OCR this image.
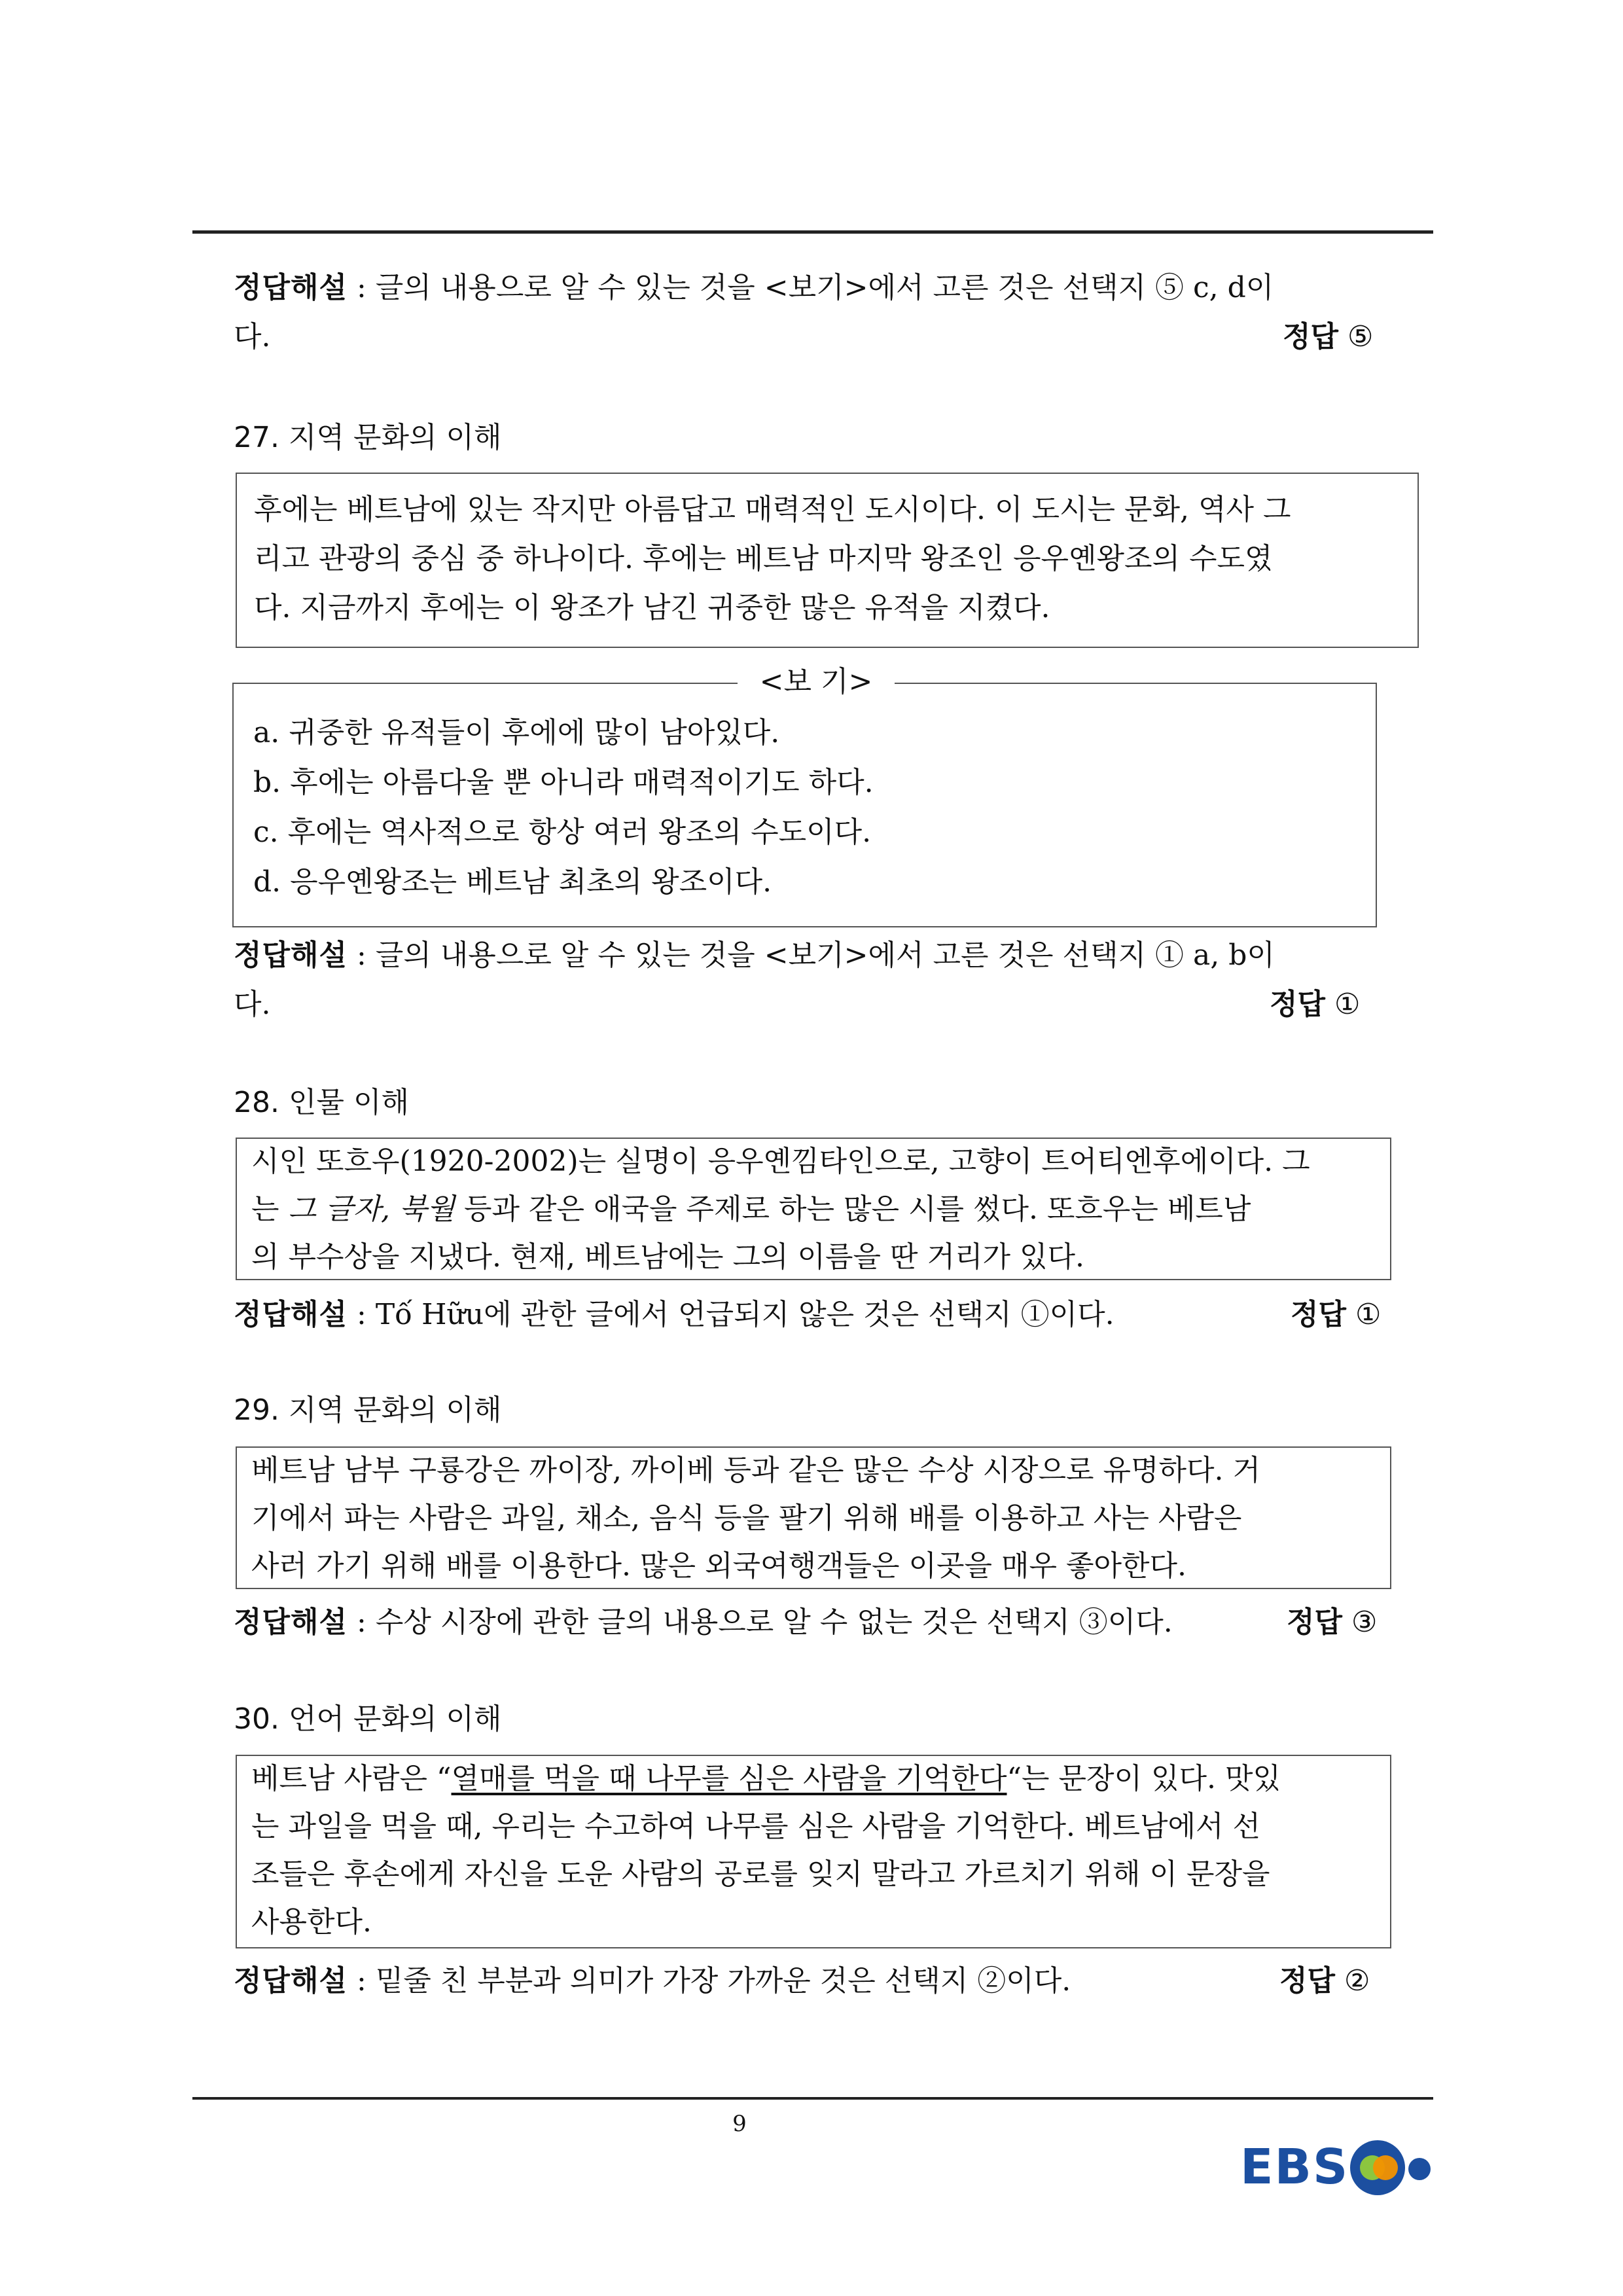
정답해설 : 글의 내용으로 알 수 있는 것을 <보기>에서 고른 것은 선택지 ⑤ c, d이
다.	정답 ⑤
27. 지역 문화의 이해
후에는 베트남에 있는 작지만 아름답고 매력적인 도시이다. 이 도시는 문화, 역사 그
리고 관광의 중심 중 하나이다. 후에는 베트남 마지막 왕조인 응우옌왕조의 수도였
다. 지금까지 후에는 이 왕조가 남긴 귀중한 많은 유적을 지켰다.
<보 기>
a. 귀중한 유적들이 후에에 많이 남아있다.
b. 후에는 아름다울 뿐 아니라 매력적이기도 하다.
c. 후에는 역사적으로 항상 여러 왕조의 수도이다.
d. 응우옌왕조는 베트남 최초의 왕조이다.
정답해설 : 글의 내용으로 알 수 있는 것을 <보기>에서 고른 것은 선택지 ① a, b이
다.	정답 ①
28. 인물 이해
시인 또흐우(1920-2002)는 실명이 응우옌낌타인으로, 고향이 트어티엔후에이다. 그
는 그 글자, 북월 등과 같은 애국을 주제로 하는 많은 시를 썼다. 또흐우는 베트남
의 부수상을 지냈다. 현재, 베트남에는 그의 이름을 딴 거리가 있다.
정답해설 : Tố Hữu에 관한 글에서 언급되지 않은 것은 선택지 ①이다.	정답 ①
29. 지역 문화의 이해
베트남 남부 구룡강은 까이장, 까이베 등과 같은 많은 수상 시장으로 유명하다. 거
기에서 파는 사람은 과일, 채소, 음식 등을 팔기 위해 배를 이용하고 사는 사람은
사러 가기 위해 배를 이용한다. 많은 외국여행객들은 이곳을 매우 좋아한다.
정답해설 : 수상 시장에 관한 글의 내용으로 알 수 없는 것은 선택지 ③이다.	정답 ③
30. 언어 문화의 이해
베트남 사람은 “열매를 먹을 때 나무를 심은 사람을 기억한다“는 문장이 있다. 맛있
는 과일을 먹을 때, 우리는 수고하여 나무를 심은 사람을 기억한다. 베트남에서 선
조들은 후손에게 자신을 도운 사람의 공로를 잊지 말라고 가르치기 위해 이 문장을
사용한다.
정답해설 : 밑줄 친 부분과 의미가 가장 가까운 것은 선택지 ②이다.	정답 ②
9
EBS
